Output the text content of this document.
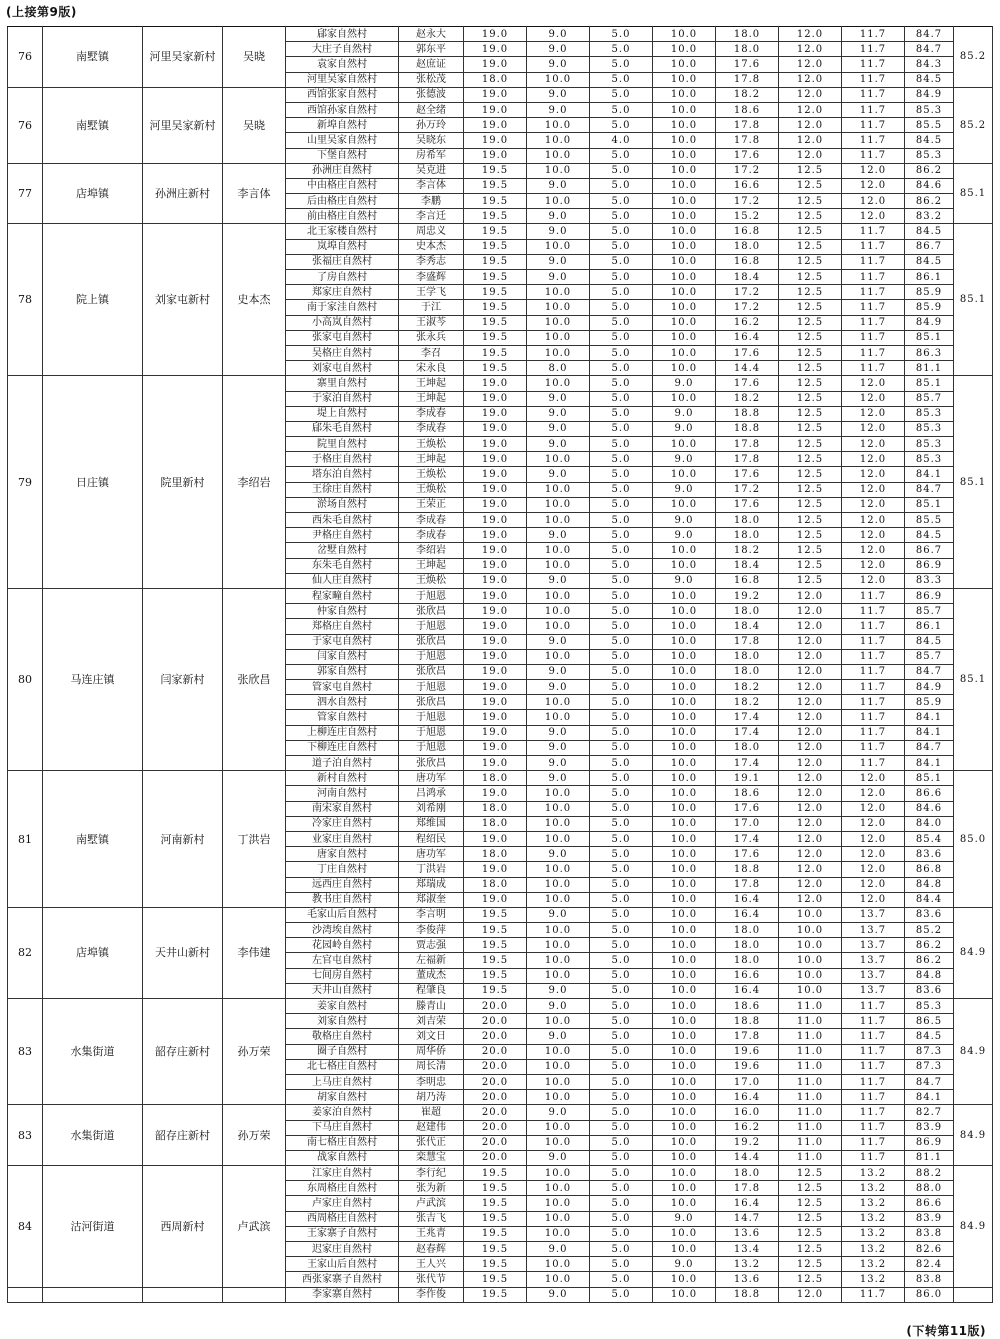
(上接第9版)
76	南墅镇	河里吴家新村	吴晓	郈家自然村	赵永大	19.0	9.0	5.0	10.0	18.0	12.0	11.7	84.7	85.2
				大庄子自然村	郭东平	19.0	9.0	5.0	10.0	18.0	12.0	11.7	84.7	
				袁家自然村	赵庶证	19.0	9.0	5.0	10.0	17.6	12.0	11.7	84.3	
				河里吴家自然村	张松茂	18.0	10.0	5.0	10.0	17.8	12.0	11.7	84.5	
76	南墅镇	河里吴家新村	吴晓	西馆张家自然村	张德波	19.0	9.0	5.0	10.0	18.2	12.0	11.7	84.9	85.2
				西馆孙家自然村	赵全绪	19.0	9.0	5.0	10.0	18.6	12.0	11.7	85.3	
				新埠自然村	孙万玲	19.0	10.0	5.0	10.0	17.8	12.0	11.7	85.5	
				山里吴家自然村	吴晓东	19.0	10.0	4.0	10.0	17.8	12.0	11.7	84.5	
				下堡自然村	房希军	19.0	10.0	5.0	10.0	17.6	12.0	11.7	85.3	
77	店埠镇	孙洲庄新村	李言体	孙洲庄自然村	吴克进	19.5	10.0	5.0	10.0	17.2	12.5	12.0	86.2	85.1
				中由格庄自然村	李言体	19.5	9.0	5.0	10.0	16.6	12.5	12.0	84.6	
				后由格庄自然村	李鹏	19.5	10.0	5.0	10.0	17.2	12.5	12.0	86.2	
				前由格庄自然村	李言迁	19.5	9.0	5.0	10.0	15.2	12.5	12.0	83.2	
78	院上镇	刘家屯新村	史本杰	北王家楼自然村	周忠义	19.5	9.0	5.0	10.0	16.8	12.5	11.7	84.5	85.1
				岚埠自然村	史本杰	19.5	10.0	5.0	10.0	18.0	12.5	11.7	86.7	
				张福庄自然村	李秀志	19.5	9.0	5.0	10.0	16.8	12.5	11.7	84.5	
				了房自然村	李盛辉	19.5	9.0	5.0	10.0	18.4	12.5	11.7	86.1	
				郑家庄自然村	王学飞	19.5	10.0	5.0	10.0	17.2	12.5	11.7	85.9	
				南于家洼自然村	于江	19.5	10.0	5.0	10.0	17.2	12.5	11.7	85.9	
				小高岚自然村	王淑芩	19.5	10.0	5.0	10.0	16.2	12.5	11.7	84.9	
				张家屯自然村	张永兵	19.5	10.0	5.0	10.0	16.4	12.5	11.7	85.1	
				吴格庄自然村	李召	19.5	10.0	5.0	10.0	17.6	12.5	11.7	86.3	
				刘家屯自然村	宋永良	19.5	8.0	5.0	10.0	14.4	12.5	11.7	81.1	
79	日庄镇	院里新村	李绍岩	寨里自然村	王坤起	19.0	10.0	5.0	9.0	17.6	12.5	12.0	85.1	85.1
				于家泊自然村	王坤起	19.0	9.0	5.0	10.0	18.2	12.5	12.0	85.7	
				堤上自然村	李成春	19.0	9.0	5.0	9.0	18.8	12.5	12.0	85.3	
				郈朱毛自然村	李成春	19.0	9.0	5.0	9.0	18.8	12.5	12.0	85.3	
				院里自然村	王焕松	19.0	9.0	5.0	10.0	17.8	12.5	12.0	85.3	
				于格庄自然村	王坤起	19.0	10.0	5.0	9.0	17.8	12.5	12.0	85.3	
				塔东泊自然村	王焕松	19.0	9.0	5.0	10.0	17.6	12.5	12.0	84.1	
				王徐庄自然村	王焕松	19.0	10.0	5.0	9.0	17.2	12.5	12.0	84.7	
				淤场自然村	王荣正	19.0	10.0	5.0	10.0	17.6	12.5	12.0	85.1	
				西朱毛自然村	李成春	19.0	10.0	5.0	9.0	18.0	12.5	12.0	85.5	
				尹格庄自然村	李成春	19.0	9.0	5.0	9.0	18.0	12.5	12.0	84.5	
				岔墅自然村	李绍岩	19.0	10.0	5.0	10.0	18.2	12.5	12.0	86.7	
				东朱毛自然村	王坤起	19.0	10.0	5.0	10.0	18.4	12.5	12.0	86.9	
				仙人庄自然村	王焕松	19.0	9.0	5.0	9.0	16.8	12.5	12.0	83.3	
80	马连庄镇	闫家新村	张欣昌	程家疃自然村	于旭恩	19.0	10.0	5.0	10.0	19.2	12.0	11.7	86.9	85.1
				仲家自然村	张欣昌	19.0	10.0	5.0	10.0	18.0	12.0	11.7	85.7	
				郑格庄自然村	于旭恩	19.0	10.0	5.0	10.0	18.4	12.0	11.7	86.1	
				于家屯自然村	张欣昌	19.0	9.0	5.0	10.0	17.8	12.0	11.7	84.5	
				闫家自然村	于旭恩	19.0	10.0	5.0	10.0	18.0	12.0	11.7	85.7	
				郭家自然村	张欣昌	19.0	9.0	5.0	10.0	18.0	12.0	11.7	84.7	
				管家屯自然村	于旭恩	19.0	9.0	5.0	10.0	18.2	12.0	11.7	84.9	
				泗水自然村	张欣昌	19.0	10.0	5.0	10.0	18.2	12.0	11.7	85.9	
				管家自然村	于旭恩	19.0	10.0	5.0	10.0	17.4	12.0	11.7	84.1	
				上柳连庄自然村	于旭恩	19.0	9.0	5.0	10.0	17.4	12.0	11.7	84.1	
				下柳连庄自然村	于旭恩	19.0	9.0	5.0	10.0	18.0	12.0	11.7	84.7	
				道子泊自然村	张欣昌	19.0	9.0	5.0	10.0	17.4	12.0	11.7	84.1	
81	南墅镇	河南新村	丁洪岩	新村自然村	唐功军	18.0	9.0	5.0	10.0	19.1	12.0	12.0	85.1	85.0
				河南自然村	吕鸿承	19.0	10.0	5.0	10.0	18.6	12.0	12.0	86.6	
				南宋家自然村	刘希刚	18.0	10.0	5.0	10.0	17.6	12.0	12.0	84.6	
				冷家庄自然村	郑维国	18.0	10.0	5.0	10.0	17.0	12.0	12.0	84.0	
				业家庄自然村	程绍民	19.0	10.0	5.0	10.0	17.4	12.0	12.0	85.4	
				唐家自然村	唐功军	18.0	9.0	5.0	10.0	17.6	12.0	12.0	83.6	
				丁庄自然村	丁洪岩	19.0	10.0	5.0	10.0	18.8	12.0	12.0	86.8	
				远西庄自然村	郑瑞成	18.0	10.0	5.0	10.0	17.8	12.0	12.0	84.8	
				教书庄自然村	郑淑奎	19.0	10.0	5.0	10.0	16.4	12.0	12.0	84.4	
82	店埠镇	天井山新村	李伟建	毛家山后自然村	李言明	19.5	9.0	5.0	10.0	16.4	10.0	13.7	83.6	84.9
				沙湾埃自然村	李俊萍	19.5	10.0	5.0	10.0	18.0	10.0	13.7	85.2	
				花园岭自然村	贾志强	19.5	10.0	5.0	10.0	18.0	10.0	13.7	86.2	
				左官屯自然村	左福新	19.5	10.0	5.0	10.0	18.0	10.0	13.7	86.2	
				七间房自然村	董成杰	19.5	10.0	5.0	10.0	16.6	10.0	13.7	84.8	
				天井山自然村	程肇良	19.5	9.0	5.0	10.0	16.4	10.0	13.7	83.6	
83	水集街道	韶存庄新村	孙万荣	姜家自然村	滕青山	20.0	9.0	5.0	10.0	18.6	11.0	11.7	85.3	84.9
				刘家自然村	刘吉荣	20.0	10.0	5.0	10.0	18.8	11.0	11.7	86.5	
				敬格庄自然村	刘文日	20.0	9.0	5.0	10.0	17.8	11.0	11.7	84.5	
				圈子自然村	周华侨	20.0	10.0	5.0	10.0	19.6	11.0	11.7	87.3	
				北七格庄自然村	周长清	20.0	10.0	5.0	10.0	19.6	11.0	11.7	87.3	
				上马庄自然村	李明忠	20.0	10.0	5.0	10.0	17.0	11.0	11.7	84.7	
				胡家自然村	胡乃涛	20.0	10.0	5.0	10.0	16.4	11.0	11.7	84.1	
83	水集街道	韶存庄新村	孙万荣	姜家泊自然村	崔超	20.0	9.0	5.0	10.0	16.0	11.0	11.7	82.7	84.9
				下马庄自然村	赵建伟	20.0	10.0	5.0	10.0	16.2	11.0	11.7	83.9	
				南七格庄自然村	张代正	20.0	10.0	5.0	10.0	19.2	11.0	11.7	86.9	
				战家自然村	栾慧宝	20.0	9.0	5.0	10.0	14.4	11.0	11.7	81.1	
84	沽河街道	西周新村	卢武滨	江家庄自然村	李行纪	19.5	10.0	5.0	10.0	18.0	12.5	13.2	88.2	84.9
				东周格庄自然村	张为新	19.5	10.0	5.0	10.0	17.8	12.5	13.2	88.0	
				卢家庄自然村	卢武滨	19.5	10.0	5.0	10.0	16.4	12.5	13.2	86.6	
				西周格庄自然村	张吉飞	19.5	10.0	5.0	9.0	14.7	12.5	13.2	83.9	
				王家寨子自然村	王兆青	19.5	10.0	5.0	10.0	13.6	12.5	13.2	83.8	
				迟家庄自然村	赵春辉	19.5	9.0	5.0	10.0	13.4	12.5	13.2	82.6	
				王家山后自然村	王人兴	19.5	10.0	5.0	9.0	13.2	12.5	13.2	82.4	
				西张家寨子自然村	张代节	19.5	10.0	5.0	10.0	13.6	12.5	13.2	83.8	
				李家寨自然村	李作俊	19.5	9.0	5.0	10.0	18.8	12.0	11.7	86.0	
(下转第11版)
